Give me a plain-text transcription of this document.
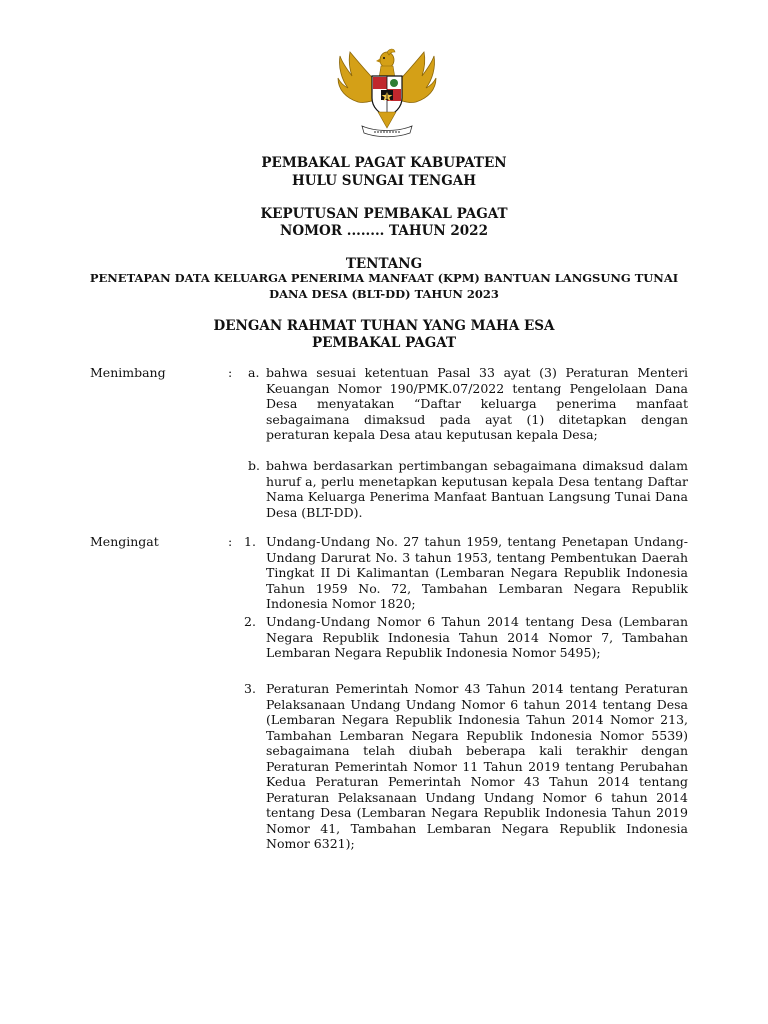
PEMBAKAL PAGAT KABUPATEN
HULU SUNGAI TENGAH
KEPUTUSAN PEMBAKAL PAGAT
NOMOR ........ TAHUN 2022
TENTANG
PENETAPAN DATA KELUARGA PENERIMA MANFAAT (KPM) BANTUAN LANGSUNG TUNAI
DANA DESA (BLT-DD) TAHUN 2023
DENGAN RAHMAT TUHAN YANG MAHA ESA
PEMBAKAL PAGAT
Menimbang	: a. bahwa sesuai ketentuan Pasal 33 ayat (3) Peraturan Menteri Keuangan Nomor 190/PMK.07/2022 tentang Pengelolaan Dana Desa menyatakan “Daftar keluarga penerima manfaat sebagaimana dimaksud pada ayat (1) ditetapkan dengan peraturan kepala Desa atau keputusan kepala Desa;
b. bahwa berdasarkan pertimbangan sebagaimana dimaksud dalam huruf a, perlu menetapkan keputusan kepala Desa tentang Daftar Nama Keluarga Penerima Manfaat Bantuan Langsung Tunai Dana Desa (BLT-DD).
Mengingat	: 1. Undang-Undang No. 27 tahun 1959, tentang Penetapan Undang-Undang Darurat No. 3 tahun 1953, tentang Pembentukan Daerah Tingkat II Di Kalimantan (Lembaran Negara Republik Indonesia Tahun 1959 No. 72, Tambahan Lembaran Negara Republik Indonesia Nomor 1820;
2. Undang-Undang Nomor 6 Tahun 2014 tentang Desa (Lembaran Negara Republik Indonesia Tahun 2014 Nomor 7, Tambahan Lembaran Negara Republik Indonesia Nomor 5495);
3. Peraturan Pemerintah Nomor 43 Tahun 2014 tentang Peraturan Pelaksanaan Undang Undang Nomor 6 tahun 2014 tentang Desa (Lembaran Negara Republik Indonesia Tahun 2014 Nomor 213, Tambahan Lembaran Negara Republik Indonesia Nomor 5539) sebagaimana telah diubah beberapa kali terakhir dengan Peraturan Pemerintah Nomor 11 Tahun 2019 tentang Perubahan Kedua Peraturan Pemerintah Nomor 43 Tahun 2014 tentang Peraturan Pelaksanaan Undang Undang Nomor 6 tahun 2014 tentang Desa (Lembaran Negara Republik Indonesia Tahun 2019 Nomor 41, Tambahan Lembaran Negara Republik Indonesia Nomor 6321);
